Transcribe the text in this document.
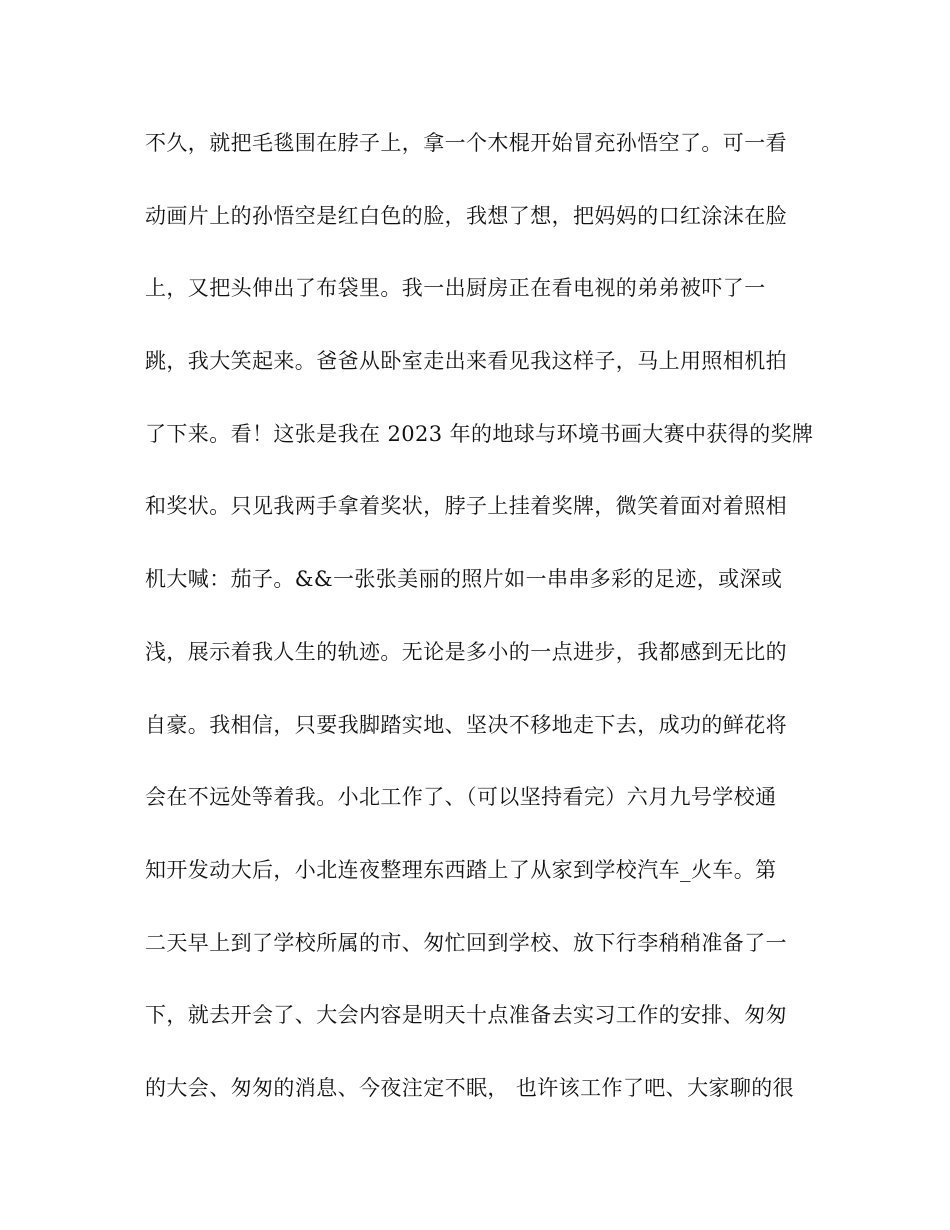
不久，就把毛毯围在脖子上，拿一个木棍开始冒充孙悟空了。可一看
动画片上的孙悟空是红白色的脸，我想了想，把妈妈的口红涂沫在脸
上，又把头伸出了布袋里。我一出厨房正在看电视的弟弟被吓了一
跳，我大笑起来。爸爸从卧室走出来看见我这样子，马上用照相机拍
了下来。看！这张是我在 2023 年的地球与环境书画大赛中获得的奖牌
和奖状。只见我两手拿着奖状，脖子上挂着奖牌，微笑着面对着照相
机大喊：茄子。&&一张张美丽的照片如一串串多彩的足迹，或深或
浅，展示着我人生的轨迹。无论是多小的一点进步，我都感到无比的
自豪。我相信，只要我脚踏实地、坚决不移地走下去，成功的鲜花将
会在不远处等着我。小北工作了、（可以坚持看完）六月九号学校通
知开发动大后，小北连夜整理东西踏上了从家到学校汽车_火车。第
二天早上到了学校所属的市、匆忙回到学校、放下行李稍稍准备了一
下，就去开会了、大会内容是明天十点准备去实习工作的安排、匆匆
的大会、匆匆的消息、今夜注定不眠， 也许该工作了吧、大家聊的很
